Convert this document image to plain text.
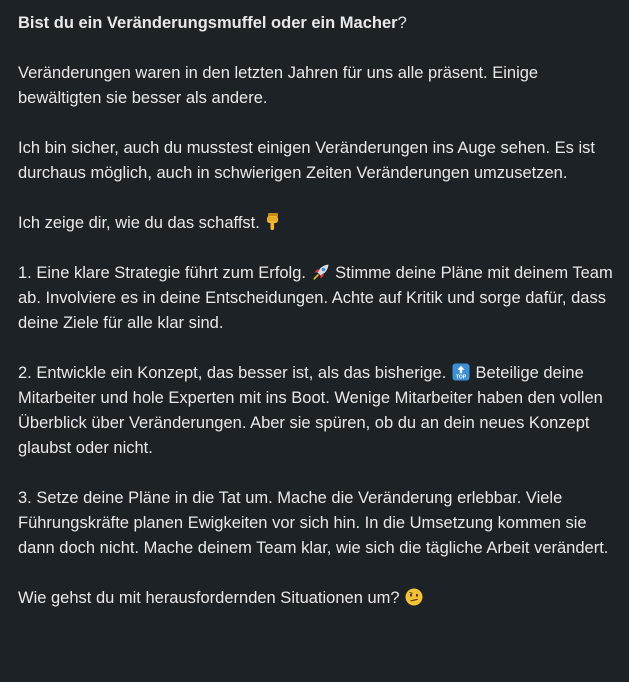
Bist du ein Veränderungsmuffel oder ein Macher?

Veränderungen waren in den letzten Jahren für uns alle präsent. Einige bewältigten sie besser als andere.

Ich bin sicher, auch du musstest einigen Veränderungen ins Auge sehen. Es ist durchaus möglich, auch in schwierigen Zeiten Veränderungen umzusetzen.

Ich zeige dir, wie du das schaffst.

1. Eine klare Strategie führt zum Erfolg. Stimme deine Pläne mit deinem Team ab. Involviere es in deine Entscheidungen. Achte auf Kritik und sorge dafür, dass deine Ziele für alle klar sind.

2. Entwickle ein Konzept, das besser ist, als das bisherige. TOP Beteilige deine Mitarbeiter und hole Experten mit ins Boot. Wenige Mitarbeiter haben den vollen Überblick über Veränderungen. Aber sie spüren, ob du an dein neues Konzept glaubst oder nicht.

3. Setze deine Pläne in die Tat um. Mache die Veränderung erlebbar. Viele Führungskräfte planen Ewigkeiten vor sich hin. In die Umsetzung kommen sie dann doch nicht. Mache deinem Team klar, wie sich die tägliche Arbeit verändert.

Wie gehst du mit herausfordernden Situationen um?
